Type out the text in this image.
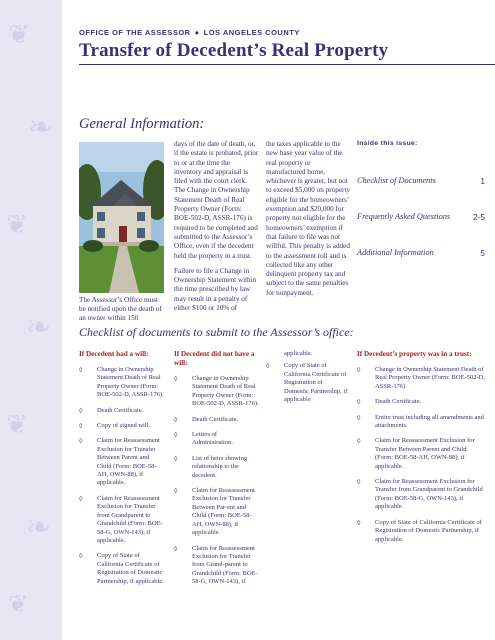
❦
❧
❦
❧
❦
❧
❦
OFFICE OF THE ASSESSOR ● LOS ANGELES COUNTY
Transfer of Decedent’s Real Property
General Information:
The Assessor’s Office must be notified upon the death of an owner within 150

days of the date of death, or, if the estate is probated, prior to or at the time the inventory and appraisal is filed with the court clerk. The Change in Ownership Statement Death of Real Property Owner (Form: BOE-502-D, ASSR-176) is required to be completed and submitted to the Assessor’s Office, even if the decedent held the property in a trust.

Failure to file a Change in Ownership Statement within the time prescribed by law may result in a penalty of either $100 or 10% of

the taxes applicable to the new base year value of the real property or manufactured home, whichever is greater, but not to exceed $5,000 on property eligible for the homeowners’ exemption and $20,000 for property not eligible for the homeowners’ exemption if that failure to file was not willful. This penalty is added to the assessment roll and is collected like any other delinquent property tax and subject to the same penalties for nonpayment.

Inside this issue:
Checklist of Documents	1
Frequently Asked Questions	2-5
Additional Information	5
Checklist of documents to submit to the Assessor’s office:
If Decedent had a will:
◊ Change in Ownership Statement Death of Real Property Owner (Form: BOE-502-D, ASSR-176).
◊ Death Certificate.
◊ Copy of signed will.
◊ Claim for Reassessment Exclusion for Transfer Between Parent and Child (Form: BOE-58-AH, OWN-88), if applicable.
◊ Claim for Reassessment Exclusion for Transfer from Grandparent to Grandchild (Form: BOE-58-G, OWN-143), if applicable.
◊ Copy of State of California Certificate of Registration of Domestic Partnership, if applicable.
If Decedent did not have a will:
◊ Change in Ownership Statement Death of Real Property Owner (Form: BOE-502-D, ASSR-176).
◊ Death Certificate.
◊ Letters of Administration.
◊ List of heirs showing relationship to the decedent.
◊ Claim for Reassessment Exclusion for Transfer Between Par-ent and Child (Form: BOE-58-AH, OWN-88), if applicable.
◊ Claim for Reassessment Exclusion for Transfer from Grand-parent to Grandchild (Form: BOE-58-G, OWN-143), if
applicable.
◊ Copy of State of California Certificate of Registration of Domestic Partnership, if applicable
If Decedent’s property was in a trust:
◊ Change in Ownership Statement Death of Real Property Owner (Form: BOE-502-D, ASSR-176).
◊ Death Certificate.
◊ Entire trust including all amendments and attachments.
◊ Claim for Reassessment Exclusion for Transfer Between Parent and Child (Form: BOE-58-AH, OWN-88), if applicable.
◊ Claim for Reassessment Exclusion for Transfer from Grandparent to Grandchild (Form: BOE-58-G, OWN-143), if applicable.
◊ Copy of State of California Certificate of Registration of Domestic Partnership, if applicable.
